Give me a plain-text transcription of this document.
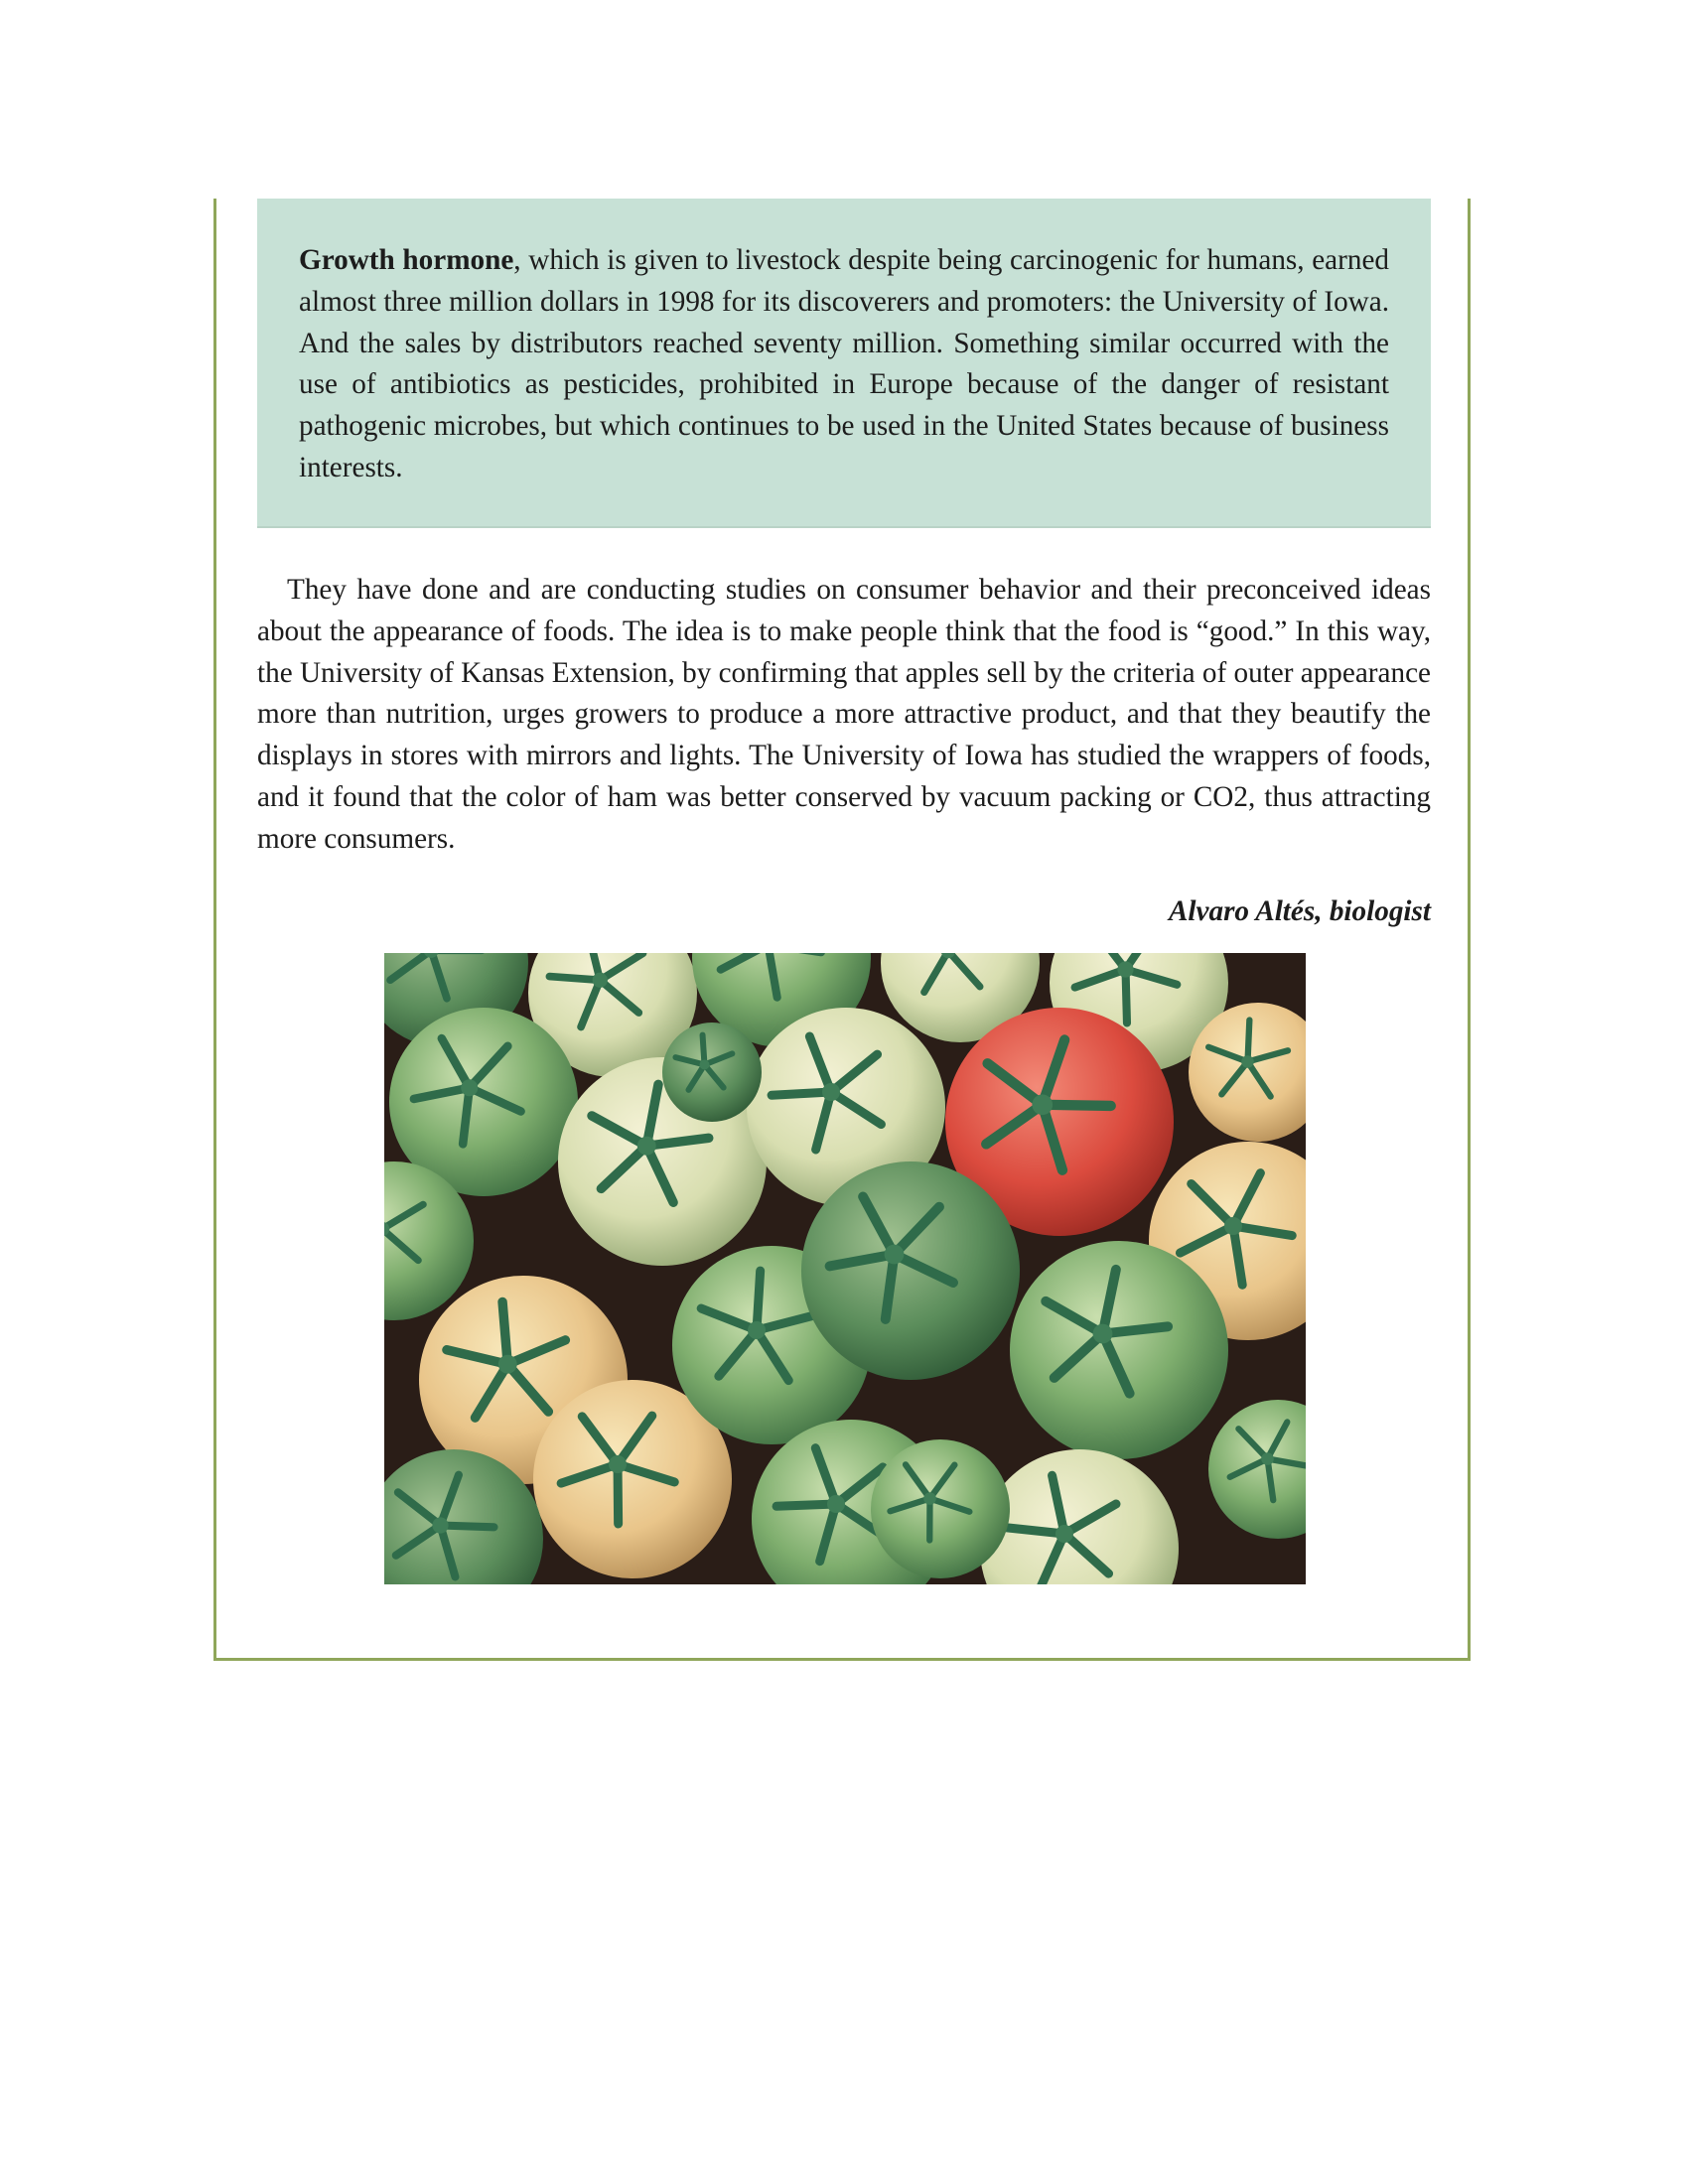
Growth hormone, which is given to livestock despite being carcinogenic for humans, earned almost three million dollars in 1998 for its discoverers and promoters: the University of Iowa. And the sales by distributors reached seventy million. Something similar occurred with the use of antibiotics as pesticides, prohibited in Europe because of the danger of resistant pathogenic microbes, but which continues to be used in the United States because of business interests.

They have done and are conducting studies on consumer behavior and their preconceived ideas about the appearance of foods. The idea is to make people think that the food is “good.” In this way, the University of Kansas Extension, by confirming that apples sell by the criteria of outer appearance more than nutrition, urges growers to produce a more attractive product, and that they beautify the displays in stores with mirrors and lights. The University of Iowa has studied the wrappers of foods, and it found that the color of ham was better conserved by vacuum packing or CO2, thus attracting more consumers.

Alvaro Altés, biologist
